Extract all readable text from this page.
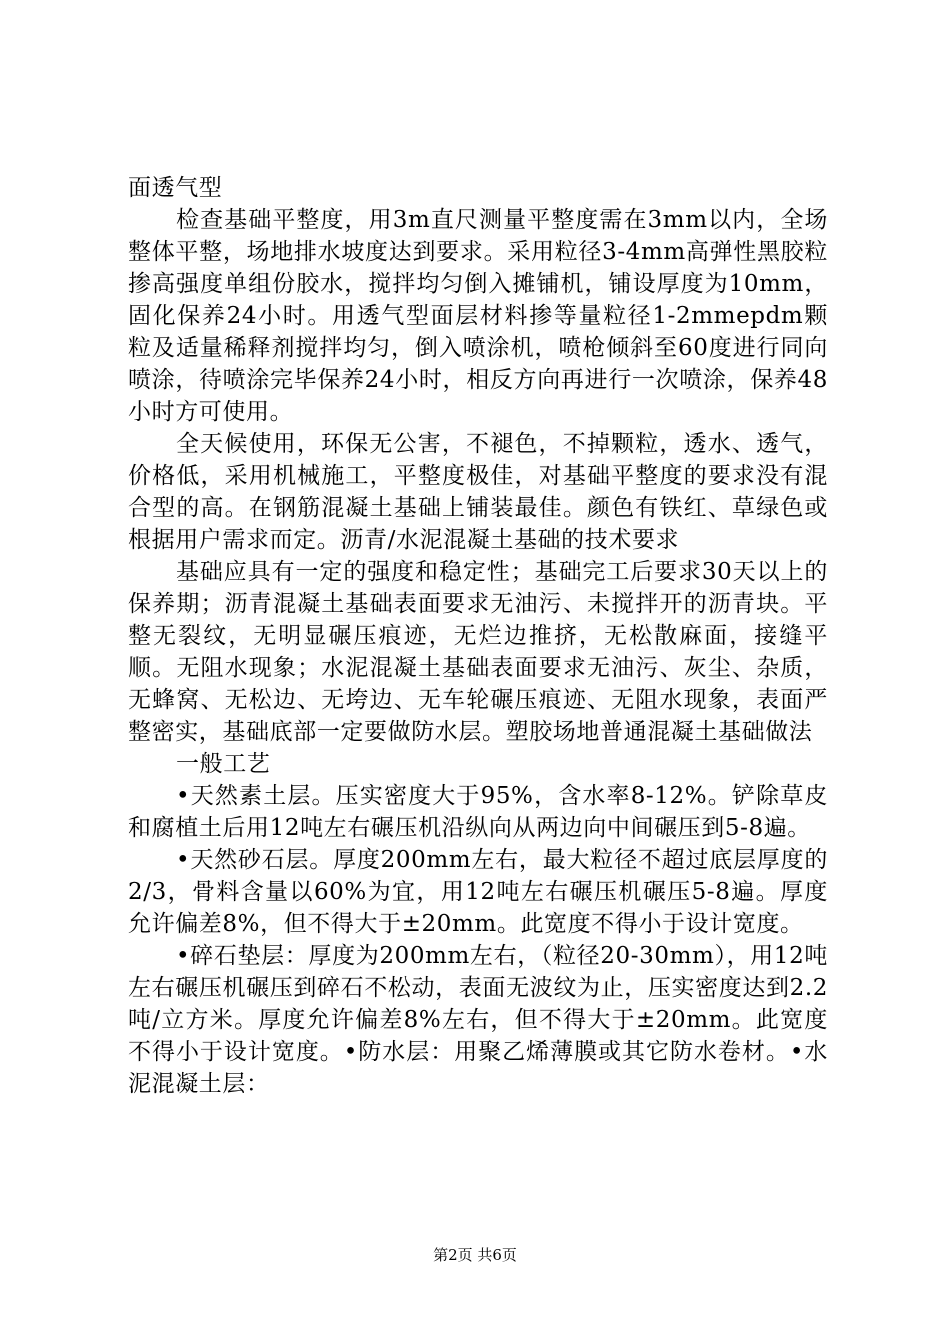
面透气型

检查基础平整度，用3m直尺测量平整度需在3mm以内，全场整体平整，场地排水坡度达到要求。采用粒径3-4mm高弹性黑胶粒掺高强度单组份胶水，搅拌均匀倒入摊铺机，铺设厚度为10mm，固化保养24小时。用透气型面层材料掺等量粒径1-2mmepdm颗粒及适量稀释剂搅拌均匀，倒入喷涂机，喷枪倾斜至60度进行同向喷涂，待喷涂完毕保养24小时，相反方向再进行一次喷涂，保养48小时方可使用。

全天候使用，环保无公害，不褪色，不掉颗粒，透水、透气，价格低，采用机械施工，平整度极佳，对基础平整度的要求没有混合型的高。在钢筋混凝土基础上铺装最佳。颜色有铁红、草绿色或根据用户需求而定。沥青/水泥混凝土基础的技术要求

基础应具有一定的强度和稳定性；基础完工后要求30天以上的保养期；沥青混凝土基础表面要求无油污、未搅拌开的沥青块。平整无裂纹，无明显碾压痕迹，无烂边推挤，无松散麻面，接缝平顺。无阻水现象；水泥混凝土基础表面要求无油污、灰尘、杂质，无蜂窝、无松边、无垮边、无车轮碾压痕迹、无阻水现象，表面严整密实，基础底部一定要做防水层。塑胶场地普通混凝土基础做法

一般工艺

•天然素土层。压实密度大于95%，含水率8-12%。铲除草皮和腐植土后用12吨左右碾压机沿纵向从两边向中间碾压到5-8遍。

•天然砂石层。厚度200mm左右，最大粒径不超过底层厚度的2/3，骨料含量以60%为宜，用12吨左右碾压机碾压5-8遍。厚度允许偏差8%，但不得大于±20mm。此宽度不得小于设计宽度。

•碎石垫层：厚度为200mm左右，（粒径20-30mm），用12吨左右碾压机碾压到碎石不松动，表面无波纹为止，压实密度达到2.2吨/立方米。厚度允许偏差8%左右，但不得大于±20mm。此宽度不得小于设计宽度。•防水层：用聚乙烯薄膜或其它防水卷材。•水泥混凝土层：

第2页 共6页
